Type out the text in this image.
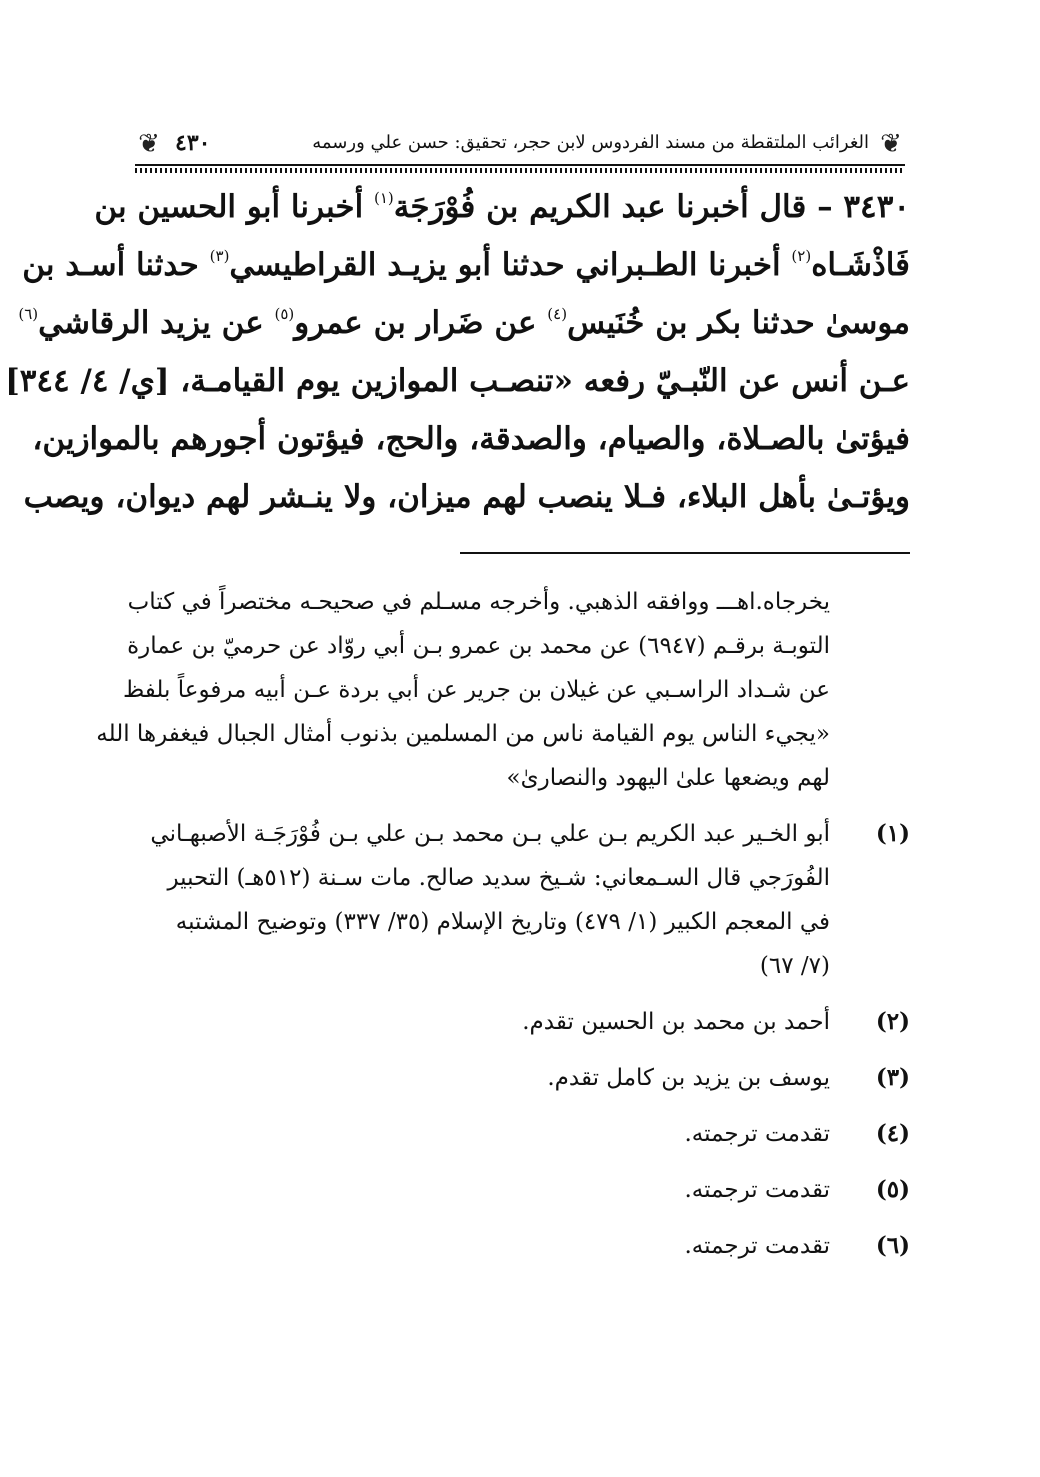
❦
الغرائب الملتقطة من مسند الفردوس لابن حجر، تحقيق: حسن علي ورسمه
٤٣٠
❦

٣٤٣٠ – قال أخبرنا عبد الكريم بن فُوْرَجَة$^{(١)}$ أخبرنا أبو الحسين بن
فَاذْشَـاه$^{(٢)}$ أخبرنا الطـبراني حدثنا أبو يزيـد القراطيسي$^{(٣)}$ حدثنا أسـد بن
موسىٰ حدثنا بكر بن خُنَيس$^{(٤)}$ عن ضَرار بن عمرو$^{(٥)}$ عن يزيد الرقاشي$^{(٦)}$
عـن أنس عن النّبـيّ رفعه «تنصـب الموازين يوم القيامـة، [ي/ ٤/ ٣٤٤]
فيؤتىٰ بالصـلاة، والصيام، والصدقة، والحج، فيؤتون أجورهم بالموازين،
ويؤتـىٰ بأهل البلاء، فـلا ينصب لهم ميزان، ولا ينـشر لهم ديوان، ويصب

يخرجاه.اهـــ ووافقه الذهبي. وأخرجه مسـلم في صحيحـه مختصراً في كتاب
التوبـة برقـم (٦٩٤٧) عن محمد بن عمرو بـن أبي روّاد عن حرميّ بن عمارة
عن شـداد الراسـبي عن غيلان بن جرير عن أبي بردة عـن أبيه مرفوعاً بلفظ
«يجيء الناس يوم القيامة ناس من المسلمين بذنوب أمثال الجبال فيغفرها الله
لهم ويضعها علىٰ اليهود والنصارىٰ»
(١)
أبو الخـير عبد الكريم بـن علي بـن محمد بـن علي بـن فُوْرَجَـة الأصبهـاني
الفُورَجي قال السـمعاني: شـيخ سديد صالح. مات سـنة (٥١٢هـ) التحبير
في المعجم الكبير (١/ ٤٧٩) وتاريخ الإسلام (٣٥/ ٣٣٧) وتوضيح المشتبه
(٧/ ٦٧)
(٢)
أحمد بن محمد بن الحسين تقدم.
(٣)
يوسف بن يزيد بن كامل تقدم.
(٤)
تقدمت ترجمته.
(٥)
تقدمت ترجمته.
(٦)
تقدمت ترجمته.
